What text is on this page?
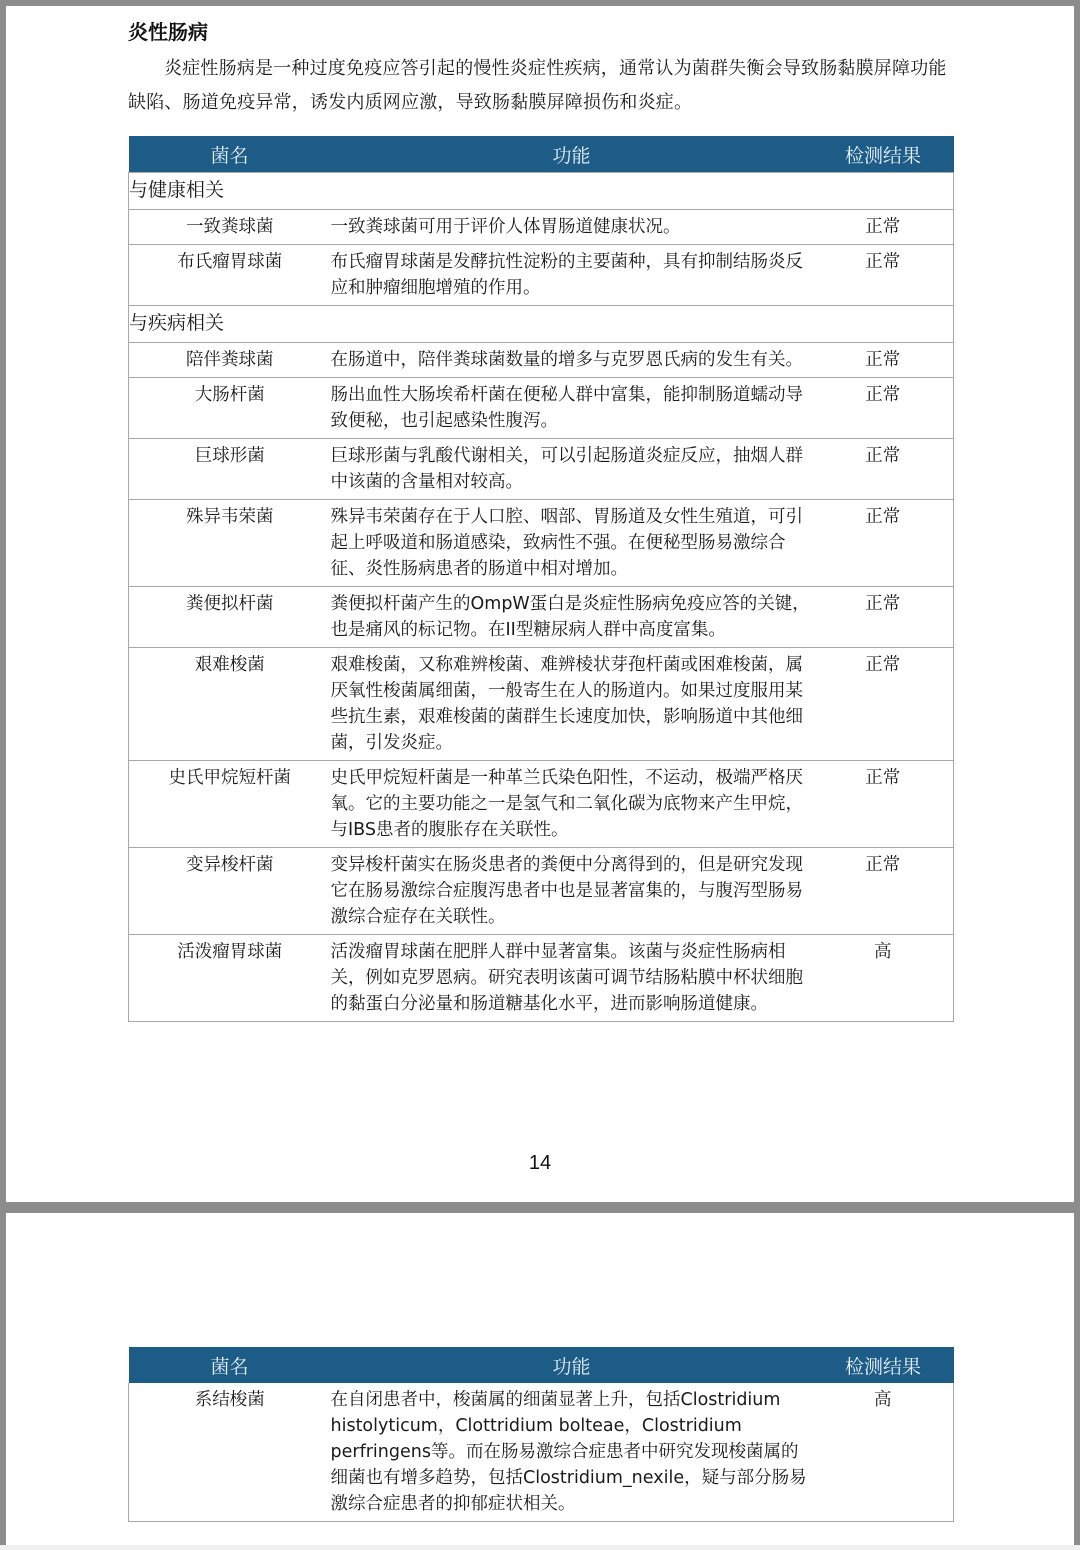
炎性肠病
炎症性肠病是一种过度免疫应答引起的慢性炎症性疾病，通常认为菌群失衡会导致肠黏膜屏障功能缺陷、肠道免疫异常，诱发内质网应激，导致肠黏膜屏障损伤和炎症。
菌名	功能	检测结果
与健康相关		
一致粪球菌	一致粪球菌可用于评价人体胃肠道健康状况。	正常
布氏瘤胃球菌	布氏瘤胃球菌是发酵抗性淀粉的主要菌种，具有抑制结肠炎反应和肿瘤细胞增殖的作用。	正常
与疾病相关		
陪伴粪球菌	在肠道中，陪伴粪球菌数量的增多与克罗恩氏病的发生有关。	正常
大肠杆菌	肠出血性大肠埃希杆菌在便秘人群中富集，能抑制肠道蠕动导致便秘，也引起感染性腹泻。	正常
巨球形菌	巨球形菌与乳酸代谢相关，可以引起肠道炎症反应，抽烟人群中该菌的含量相对较高。	正常
殊异韦荣菌	殊异韦荣菌存在于人口腔、咽部、胃肠道及女性生殖道，可引起上呼吸道和肠道感染，致病性不强。在便秘型肠易激综合征、炎性肠病患者的肠道中相对增加。	正常
粪便拟杆菌	粪便拟杆菌产生的OmpW蛋白是炎症性肠病免疫应答的关键，也是痛风的标记物。在II型糖尿病人群中高度富集。	正常
艰难梭菌	艰难梭菌，又称难辨梭菌、难辨棱状芽孢杆菌或困难梭菌，属厌氧性梭菌属细菌，一般寄生在人的肠道内。如果过度服用某些抗生素，艰难梭菌的菌群生长速度加快，影响肠道中其他细菌，引发炎症。	正常
史氏甲烷短杆菌	史氏甲烷短杆菌是一种革兰氏染色阳性，不运动，极端严格厌氧。它的主要功能之一是氢气和二氧化碳为底物来产生甲烷，与IBS患者的腹胀存在关联性。	正常
变异梭杆菌	变异梭杆菌实在肠炎患者的粪便中分离得到的，但是研究发现它在肠易激综合症腹泻患者中也是显著富集的，与腹泻型肠易激综合症存在关联性。	正常
活泼瘤胃球菌	活泼瘤胃球菌在肥胖人群中显著富集。该菌与炎症性肠病相关，例如克罗恩病。研究表明该菌可调节结肠粘膜中杯状细胞的黏蛋白分泌量和肠道糖基化水平，进而影响肠道健康。	高
14
菌名	功能	检测结果
系结梭菌	在自闭患者中，梭菌属的细菌显著上升，包括Clostridium histolyticum，Clottridium bolteae，Clostridium perfringens等。而在肠易激综合症患者中研究发现梭菌属的细菌也有增多趋势，包括Clostridium_nexile，疑与部分肠易激综合症患者的抑郁症状相关。	高
